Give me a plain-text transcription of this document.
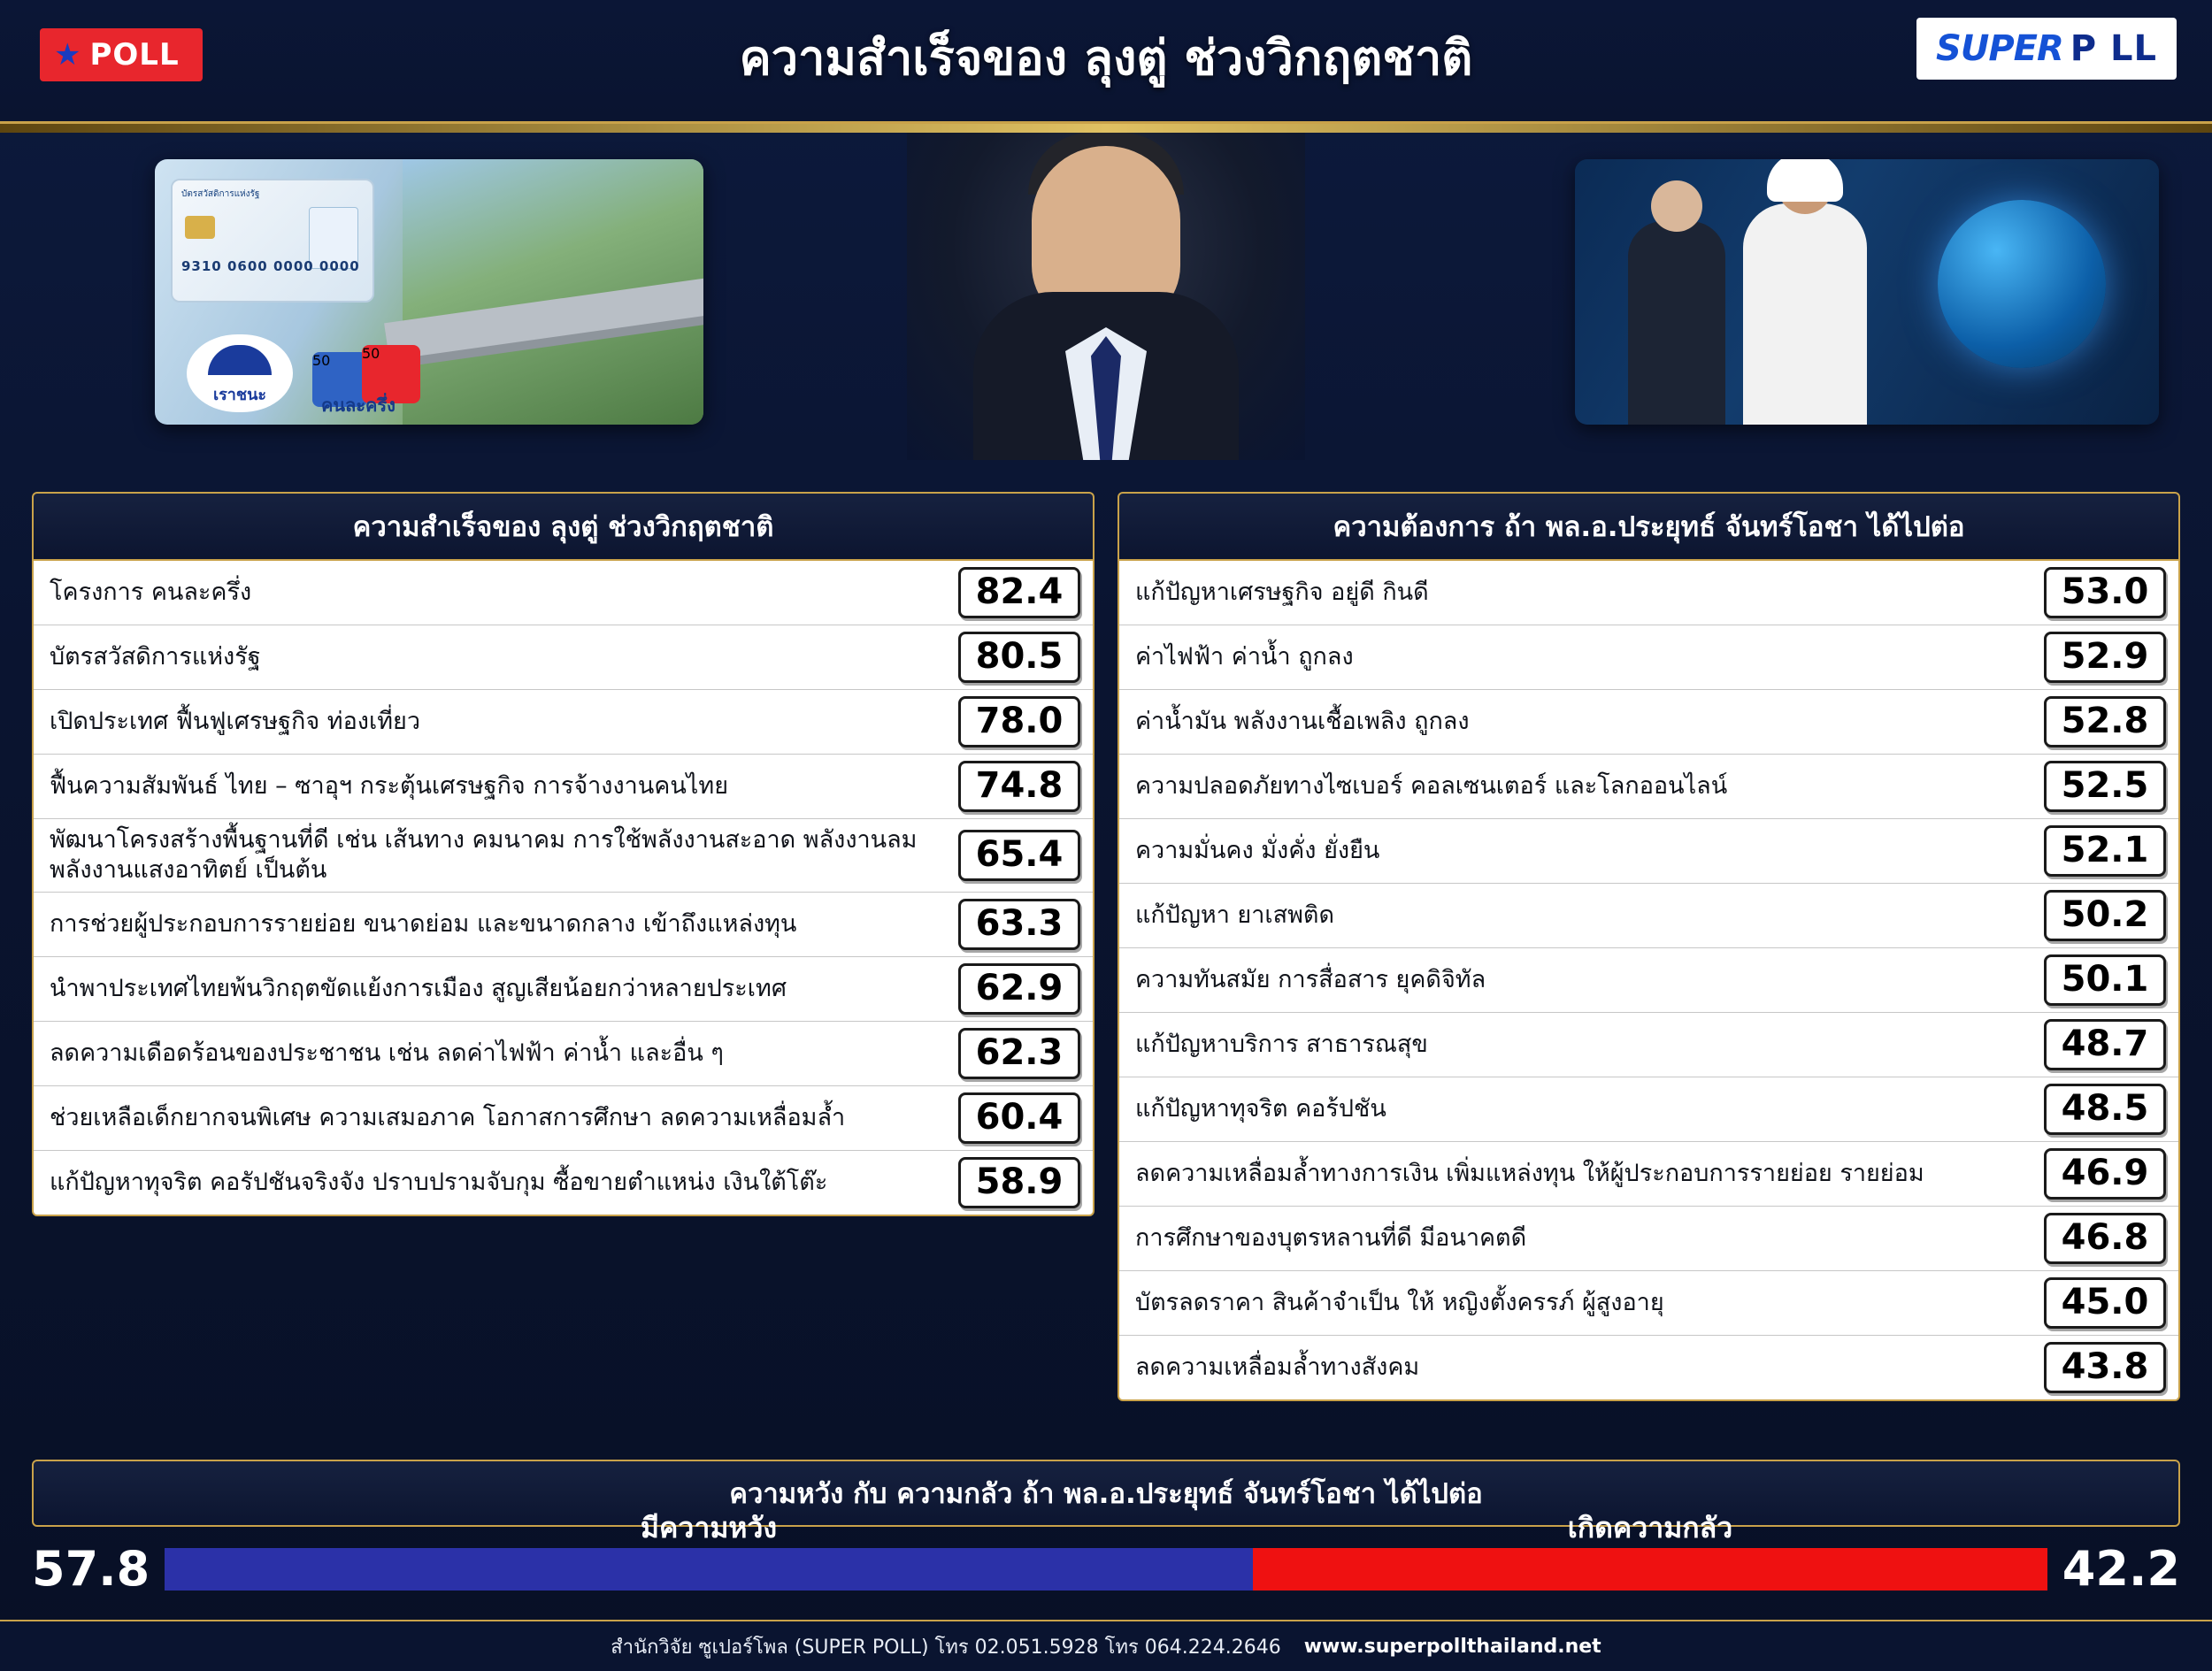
★ POLL	ความสำเร็จของ ลุงตู่ ช่วงวิกฤตชาติ	SUPER P LL
บัตรสวัสดิการแห่งรัฐ
9310 0600 0000 0000
เราชนะ
50	50
คนละครึ่ง
ความสำเร็จของ ลุงตู่ ช่วงวิกฤตชาติ
โครงการ คนละครึ่ง	82.4
บัตรสวัสดิการแห่งรัฐ	80.5
เปิดประเทศ ฟื้นฟูเศรษฐกิจ ท่องเที่ยว	78.0
ฟื้นความสัมพันธ์ ไทย – ซาอุฯ กระตุ้นเศรษฐกิจ การจ้างงานคนไทย	74.8
พัฒนาโครงสร้างพื้นฐานที่ดี เช่น เส้นทาง คมนาคม การใช้พลังงานสะอาด พลังงานลม พลังงานแสงอาทิตย์ เป็นต้น	65.4
การช่วยผู้ประกอบการรายย่อย ขนาดย่อม และขนาดกลาง เข้าถึงแหล่งทุน	63.3
นำพาประเทศไทยพ้นวิกฤตขัดแย้งการเมือง สูญเสียน้อยกว่าหลายประเทศ	62.9
ลดความเดือดร้อนของประชาชน เช่น ลดค่าไฟฟ้า ค่าน้ำ และอื่น ๆ	62.3
ช่วยเหลือเด็กยากจนพิเศษ ความเสมอภาค โอกาสการศึกษา ลดความเหลื่อมล้ำ	60.4
แก้ปัญหาทุจริต คอรัปชันจริงจัง ปราบปรามจับกุม ซื้อขายตำแหน่ง เงินใต้โต๊ะ	58.9
ความต้องการ ถ้า พล.อ.ประยุทธ์ จันทร์โอชา ได้ไปต่อ
แก้ปัญหาเศรษฐกิจ อยู่ดี กินดี	53.0
ค่าไฟฟ้า ค่าน้ำ ถูกลง	52.9
ค่าน้ำมัน พลังงานเชื้อเพลิง ถูกลง	52.8
ความปลอดภัยทางไซเบอร์ คอลเซนเตอร์ และโลกออนไลน์	52.5
ความมั่นคง มั่งคั่ง ยั่งยืน	52.1
แก้ปัญหา ยาเสพติด	50.2
ความทันสมัย การสื่อสาร ยุคดิจิทัล	50.1
แก้ปัญหาบริการ สาธารณสุข	48.7
แก้ปัญหาทุจริต คอร้ปชัน	48.5
ลดความเหลื่อมล้ำทางการเงิน เพิ่มแหล่งทุน ให้ผู้ประกอบการรายย่อย รายย่อม	46.9
การศึกษาของบุตรหลานที่ดี มีอนาคตดี	46.8
บัตรลดราคา สินค้าจำเป็น ให้ หญิงตั้งครรภ์ ผู้สูงอายุ	45.0
ลดความเหลื่อมล้ำทางสังคม	43.8
ความหวัง กับ ความกลัว ถ้า พล.อ.ประยุทธ์ จันทร์โอชา ได้ไปต่อ
57.8
มีความหวัง	เกิดความกลัว
42.2
สำนักวิจัย ซูเปอร์โพล (SUPER POLL) โทร 02.051.5928 โทร 064.224.2646 www.superpollthailand.net
